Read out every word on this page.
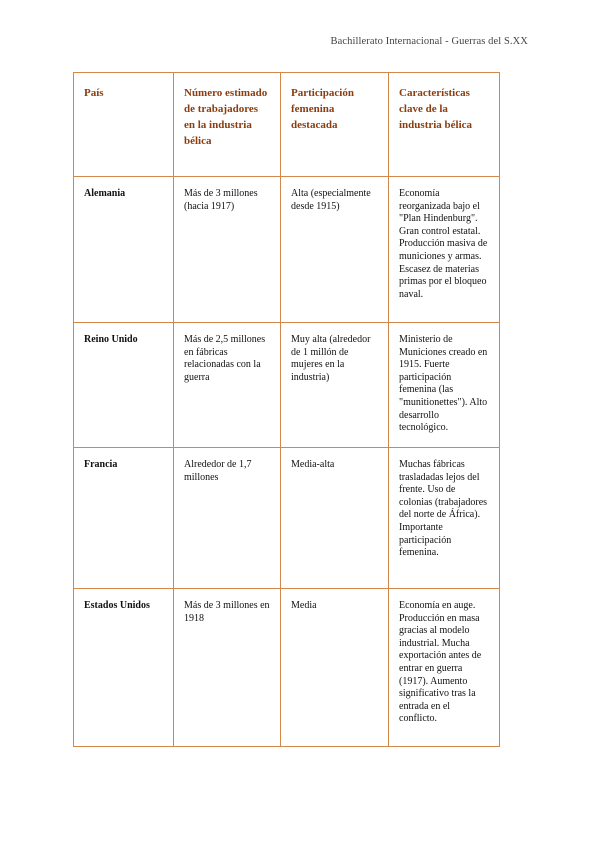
Bachillerato Internacional - Guerras del S.XX
País	Número estimado de trabajadores en la industria bélica	Participación femenina destacada	Características clave de la industria bélica

Alemania	Más de 3 millones (hacia 1917)	Alta (especialmente desde 1915)	Economía reorganizada bajo el "Plan Hindenburg". Gran control estatal. Producción masiva de municiones y armas. Escasez de materias primas por el bloqueo naval.

Reino Unido	Más de 2,5 millones en fábricas relacionadas con la guerra	Muy alta (alrededor de 1 millón de mujeres en la industria)	Ministerio de Municiones creado en 1915. Fuerte participación femenina (las "munitionettes"). Alto desarrollo tecnológico.

Francia	Alrededor de 1,7 millones	Media-alta	Muchas fábricas trasladadas lejos del frente. Uso de colonias (trabajadores del norte de África). Importante participación femenina.

Estados Unidos	Más de 3 millones en 1918	Media	Economía en auge. Producción en masa gracias al modelo industrial. Mucha exportación antes de entrar en guerra (1917). Aumento significativo tras la entrada en el conflicto.
